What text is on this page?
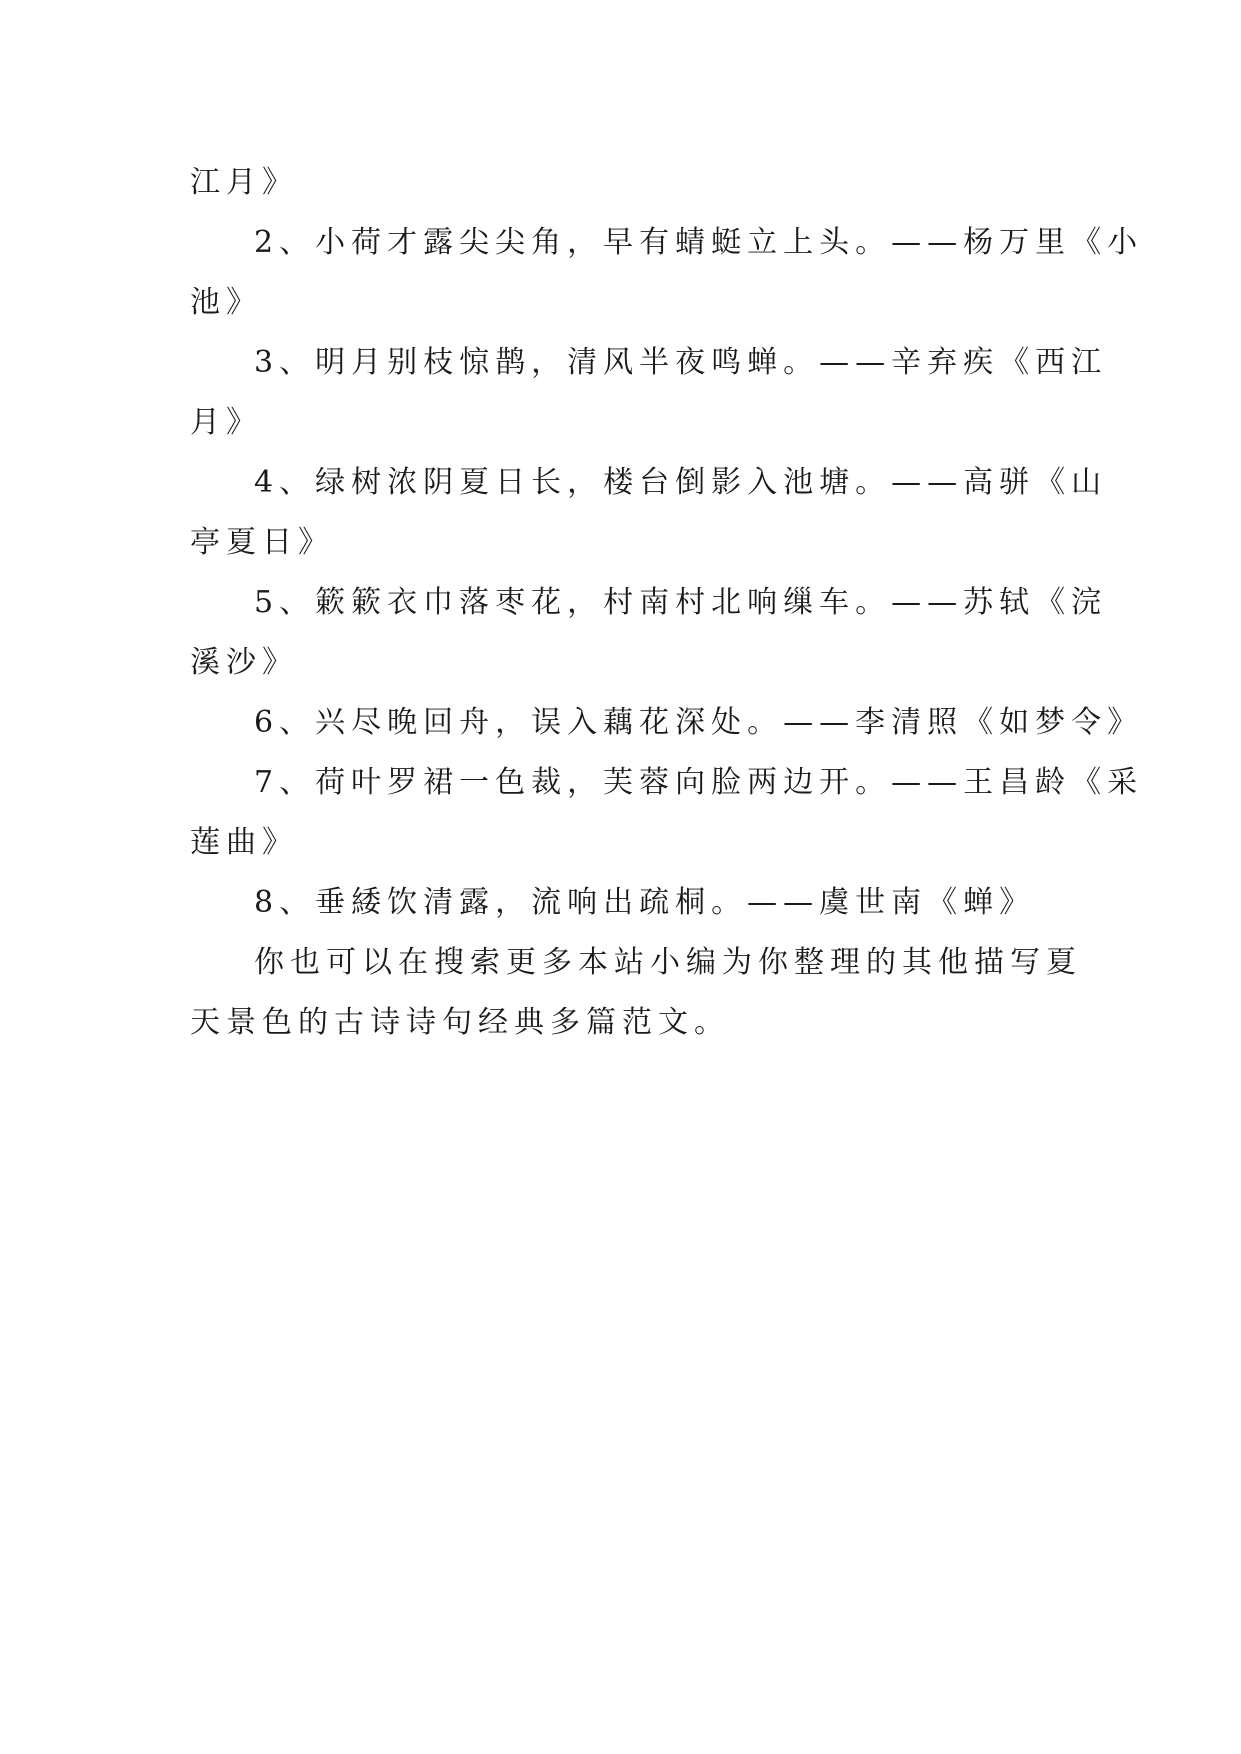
江月》
2、小荷才露尖尖角，早有蜻蜓立上头。——杨万里《小
池》
3、明月别枝惊鹊，清风半夜鸣蝉。——辛弃疾《西江
月》
4、绿树浓阴夏日长，楼台倒影入池塘。——高骈《山
亭夏日》
5、簌簌衣巾落枣花，村南村北响缫车。——苏轼《浣
溪沙》
6、兴尽晚回舟，误入藕花深处。——李清照《如梦令》
7、荷叶罗裙一色裁，芙蓉向脸两边开。——王昌龄《采
莲曲》
8、垂緌饮清露，流响出疏桐。——虞世南《蝉》
你也可以在搜索更多本站小编为你整理的其他描写夏
天景色的古诗诗句经典多篇范文。
